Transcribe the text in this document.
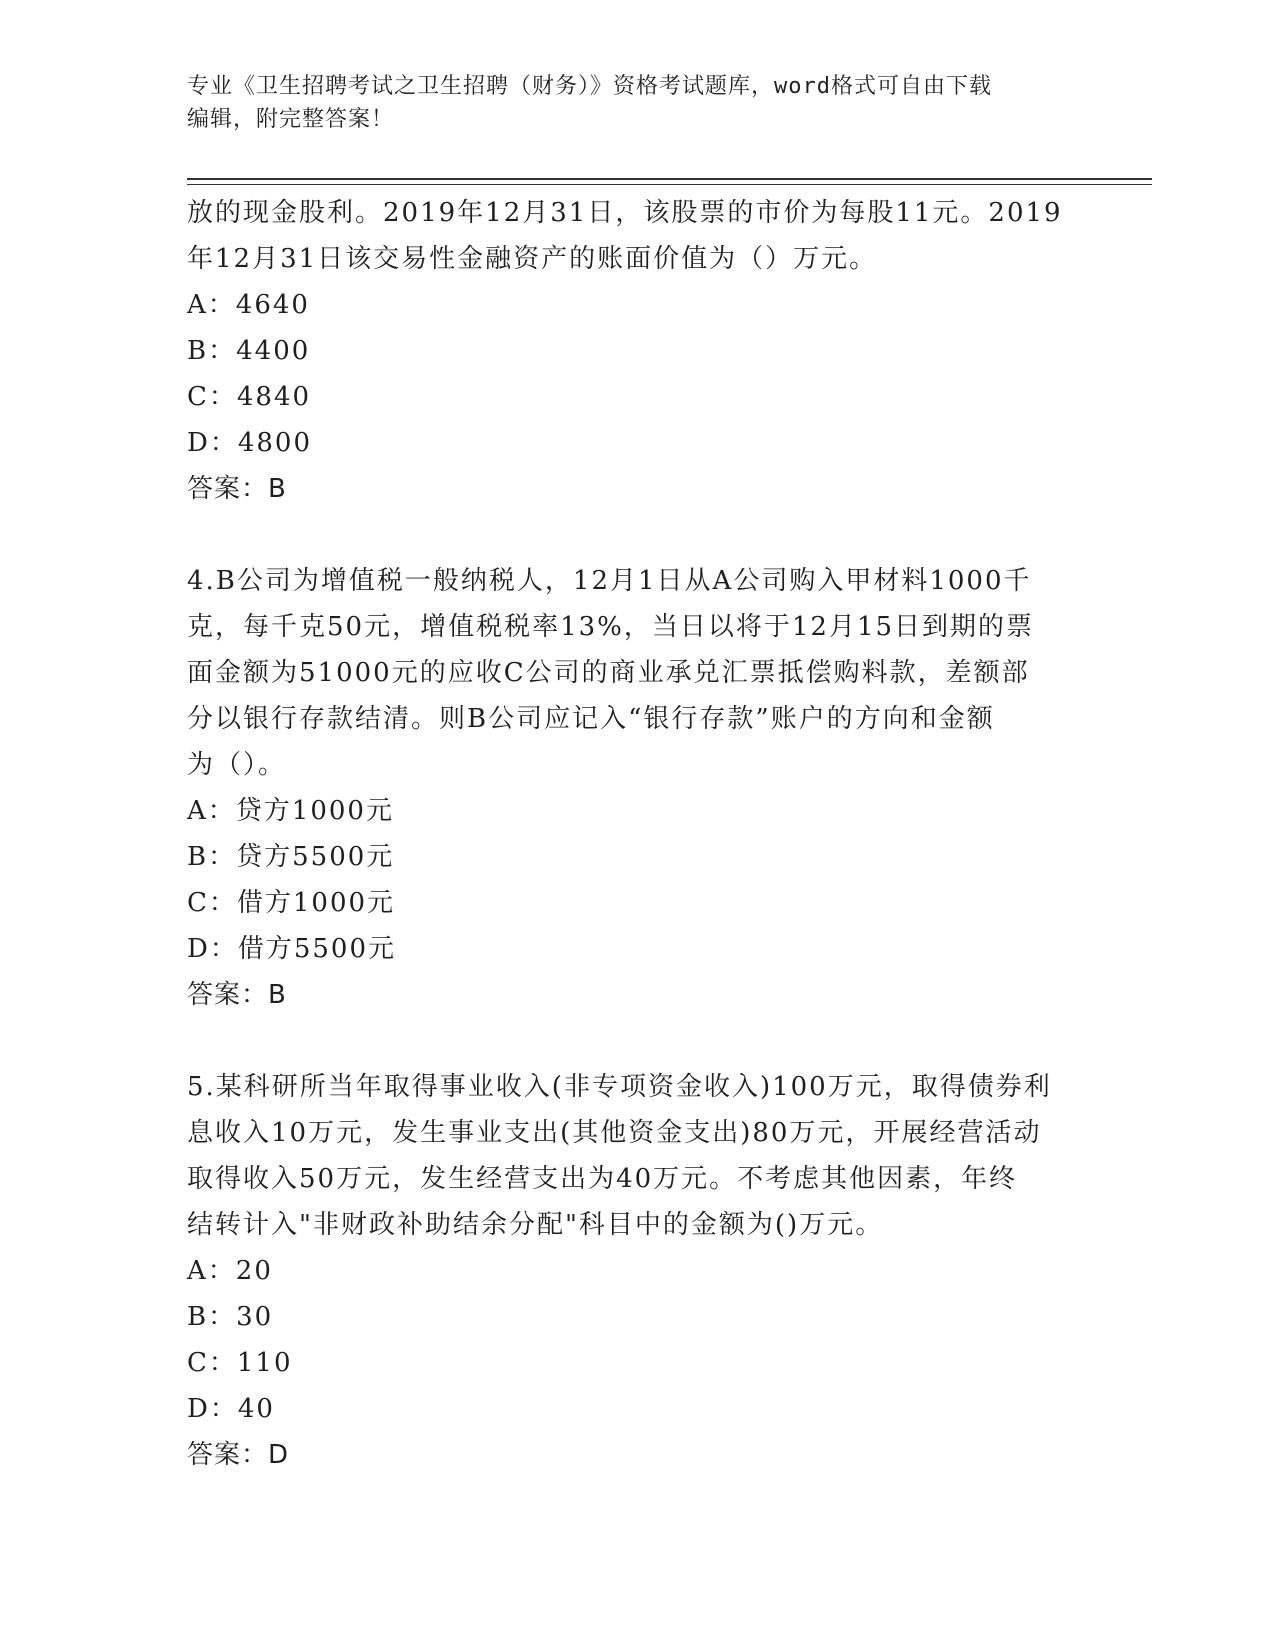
专业《卫生招聘考试之卫生招聘（财务）》资格考试题库，word格式可自由下载
编辑，附完整答案！

放的现金股利。2019年12月31日，该股票的市价为每股11元。2019

年12月31日该交易性金融资产的账面价值为（）万元。

A：4640

B：4400

C：4840

D：4800

答案：B

4.B公司为增值税一般纳税人，12月1日从A公司购入甲材料1000千

克，每千克50元，增值税税率13%，当日以将于12月15日到期的票

面金额为51000元的应收C公司的商业承兑汇票抵偿购料款，差额部

分以银行存款结清。则B公司应记入“银行存款”账户的方向和金额

为（）。

A：贷方1000元

B：贷方5500元

C：借方1000元

D：借方5500元

答案：B

5.某科研所当年取得事业收入(非专项资金收入)100万元，取得债券利

息收入10万元，发生事业支出(其他资金支出)80万元，开展经营活动

取得收入50万元，发生经营支出为40万元。不考虑其他因素，年终

结转计入"非财政补助结余分配"科目中的金额为()万元。

A：20

B：30

C：110

D：40

答案：D
